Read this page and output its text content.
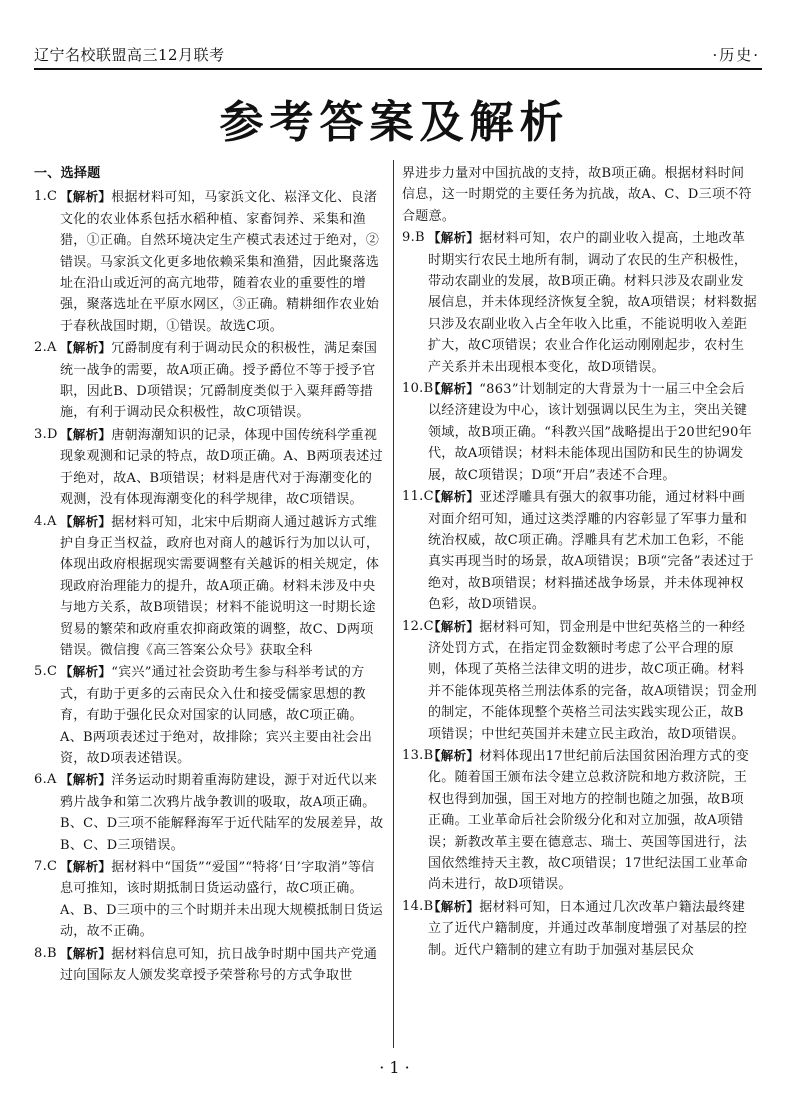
辽宁名校联盟高三12月联考	·历史·
参考答案及解析
一、选择题
1.C 【解析】根据材料可知，马家浜文化、崧泽文化、良渚文化的农业体系包括水稻种植、家畜饲养、采集和渔猎，①正确。自然环境决定生产模式表述过于绝对，②错误。马家浜文化更多地依赖采集和渔猎，因此聚落选址在沿山或近河的高亢地带，随着农业的重要性的增强，聚落选址在平原水网区，③正确。精耕细作农业始于春秋战国时期，①错误。故选C项。

2.A 【解析】冗爵制度有利于调动民众的积极性，满足秦国统一战争的需要，故A项正确。授予爵位不等于授予官职，因此B、D项错误；冗爵制度类似于入粟拜爵等措施，有利于调动民众积极性，故C项错误。

3.D 【解析】唐朝海潮知识的记录，体现中国传统科学重视现象观测和记录的特点，故D项正确。A、B两项表述过于绝对，故A、B项错误；材料是唐代对于海潮变化的观测，没有体现海潮变化的科学规律，故C项错误。

4.A 【解析】据材料可知，北宋中后期商人通过越诉方式维护自身正当权益，政府也对商人的越诉行为加以认可，体现出政府根据现实需要调整有关越诉的相关规定，体现政府治理能力的提升，故A项正确。材料未涉及中央与地方关系，故B项错误；材料不能说明这一时期长途贸易的繁荣和政府重农抑商政策的调整，故C、D两项错误。微信搜《高三答案公众号》获取全科

5.C 【解析】“宾兴”通过社会资助考生参与科举考试的方式，有助于更多的云南民众入仕和接受儒家思想的教育，有助于强化民众对国家的认同感，故C项正确。A、B两项表述过于绝对，故排除；宾兴主要由社会出资，故D项表述错误。

6.A 【解析】洋务运动时期着重海防建设，源于对近代以来鸦片战争和第二次鸦片战争教训的吸取，故A项正确。B、C、D三项不能解释海军于近代陆军的发展差异，故B、C、D三项错误。

7.C 【解析】据材料中“国货”“爱国”“特将‘日’字取消”等信息可推知，该时期抵制日货运动盛行，故C项正确。A、B、D三项中的三个时期并未出现大规模抵制日货运动，故不正确。

8.B 【解析】据材料信息可知，抗日战争时期中国共产党通过向国际友人颁发奖章授予荣誉称号的方式争取世

界进步力量对中国抗战的支持，故B项正确。根据材料时间信息，这一时期党的主要任务为抗战，故A、C、D三项不符合题意。

9.B 【解析】据材料可知，农户的副业收入提高，土地改革时期实行农民土地所有制，调动了农民的生产积极性，带动农副业的发展，故B项正确。材料只涉及农副业发展信息，并未体现经济恢复全貌，故A项错误；材料数据只涉及农副业收入占全年收入比重，不能说明收入差距扩大，故C项错误；农业合作化运动刚刚起步，农村生产关系并未出现根本变化，故D项错误。

10.B

【解析】“863”计划制定的大背景为十一届三中全会后以经济建设为中心，该计划强调以民生为主，突出关键领域，故B项正确。“科教兴国”战略提出于20世纪90年代，故A项错误；材料未能体现出国防和民生的协调发展，故C项错误；D项“开启”表述不合理。

11.C

【解析】亚述浮雕具有强大的叙事功能，通过材料中画对面介绍可知，通过这类浮雕的内容彰显了军事力量和统治权威，故C项正确。浮雕具有艺术加工色彩，不能真实再现当时的场景，故A项错误；B项“完备”表述过于绝对，故B项错误；材料描述战争场景，并未体现神权色彩，故D项错误。

12.C

【解析】据材料可知，罚金刑是中世纪英格兰的一种经济处罚方式，在指定罚金数额时考虑了公平合理的原则，体现了英格兰法律文明的进步，故C项正确。材料并不能体现英格兰刑法体系的完备，故A项错误；罚金刑的制定，不能体现整个英格兰司法实践实现公正，故B项错误；中世纪英国并未建立民主政治，故D项错误。

13.B

【解析】材料体现出17世纪前后法国贫困治理方式的变化。随着国王颁布法令建立总救济院和地方救济院，王权也得到加强，国王对地方的控制也随之加强，故B项正确。工业革命后社会阶级分化和对立加强，故A项错误；新教改革主要在德意志、瑞士、英国等国进行，法国依然维持天主教，故C项错误；17世纪法国工业革命尚未进行，故D项错误。

14.B

【解析】据材料可知，日本通过几次改革户籍法最终建立了近代户籍制度，并通过改革制度增强了对基层的控制。近代户籍制的建立有助于加强对基层民众

· 1 ·
